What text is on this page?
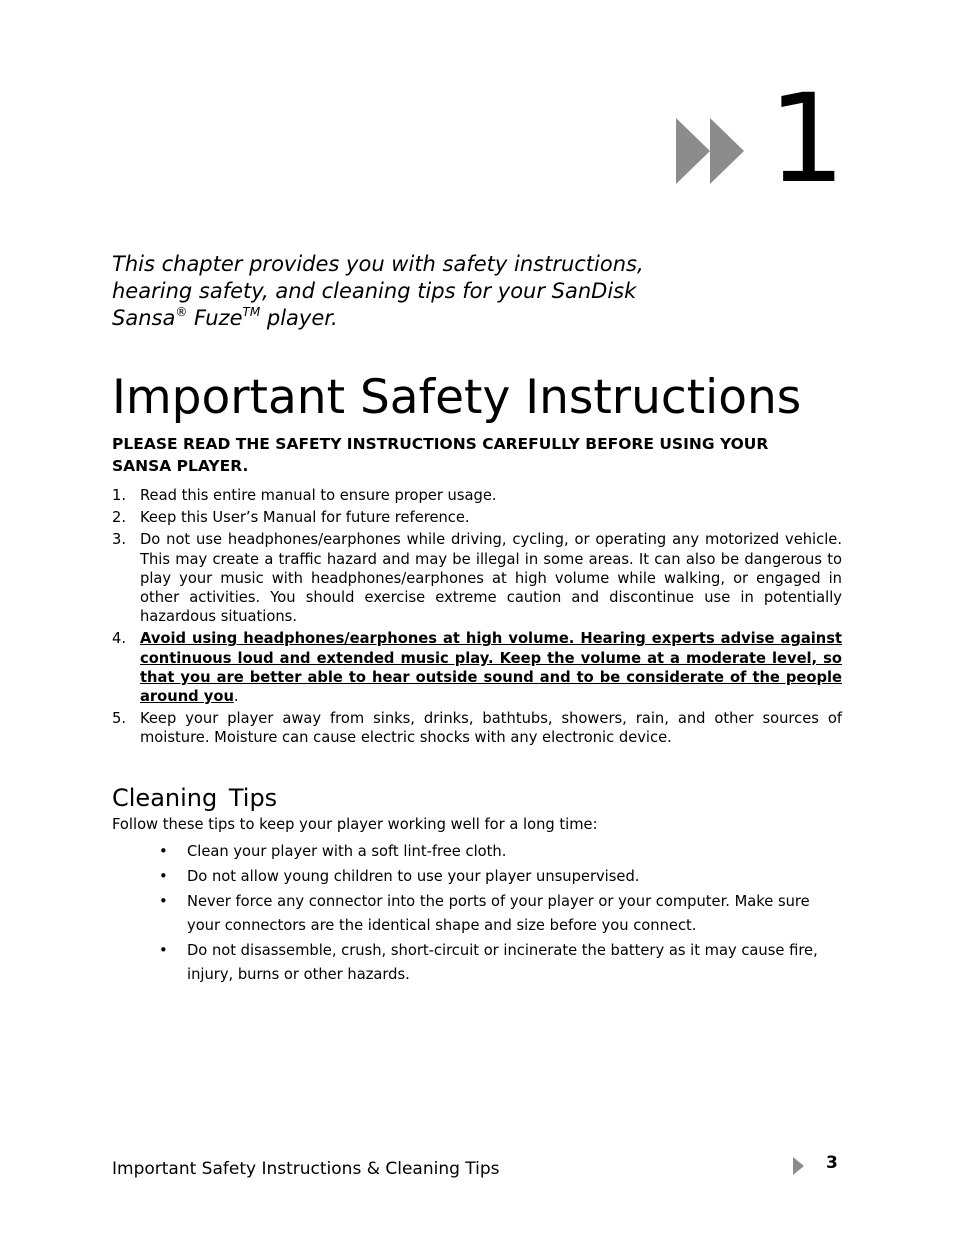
1
This chapter provides you with safety instructions,
hearing safety, and cleaning tips for your SanDisk
Sansa® Fuze™ player.
Important Safety Instructions

PLEASE READ THE SAFETY INSTRUCTIONS CAREFULLY BEFORE USING YOUR SANSA PLAYER.

1. Read this entire manual to ensure proper usage.
2. Keep this User’s Manual for future reference.
3. Do not use headphones/earphones while driving, cycling, or operating any motorized vehicle. This may create a traffic hazard and may be illegal in some areas. It can also be dangerous to play your music with headphones/earphones at high volume while walking, or engaged in other activities. You should exercise extreme caution and discontinue use in potentially hazardous situations.
4. Avoid using headphones/earphones at high volume. Hearing experts advise against continuous loud and extended music play. Keep the volume at a moderate level, so that you are better able to hear outside sound and to be considerate of the people around you.
5. Keep your player away from sinks, drinks, bathtubs, showers, rain, and other sources of moisture. Moisture can cause electric shocks with any electronic device.
Cleaning Tips
Follow these tips to keep your player working well for a long time:
• Clean your player with a soft lint-free cloth.
• Do not allow young children to use your player unsupervised.
• Never force any connector into the ports of your player or your computer. Make sure your connectors are the identical shape and size before you connect.
• Do not disassemble, crush, short-circuit or incinerate the battery as it may cause fire, injury, burns or other hazards.
Important Safety Instructions & Cleaning Tips	3
